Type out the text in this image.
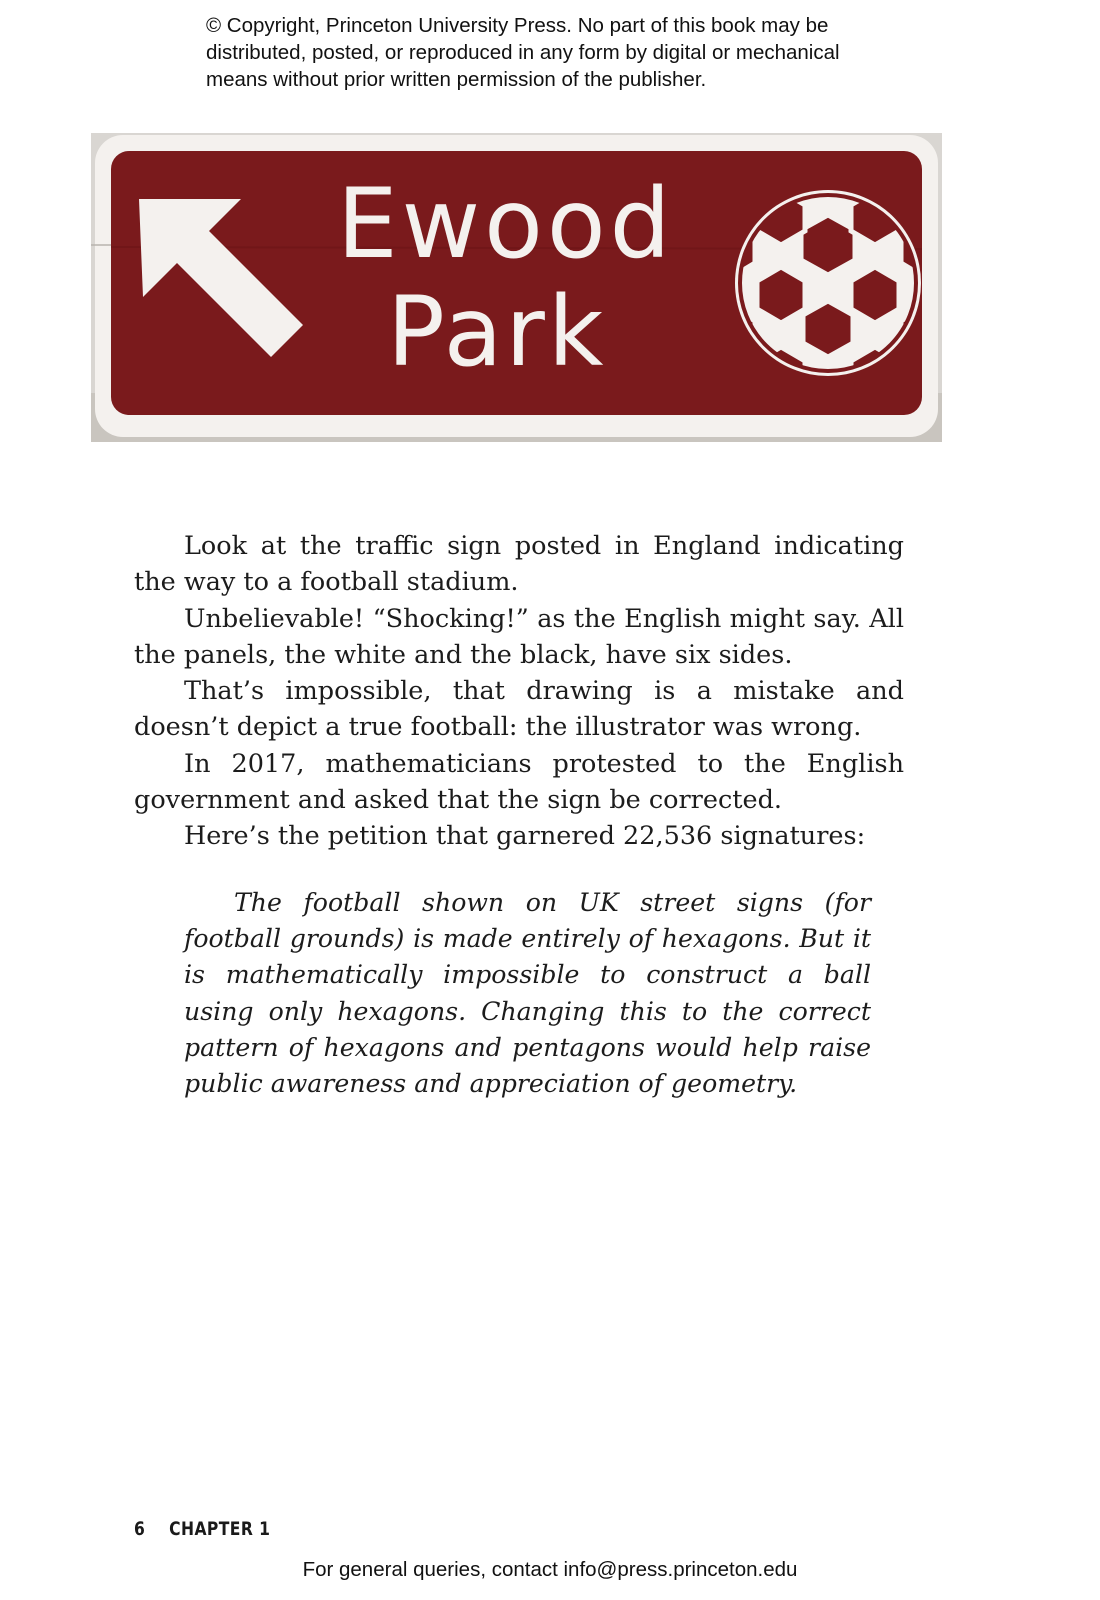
© Copyright, Princeton University Press. No part of this book may be

distributed, posted, or reproduced in any form by digital or mechanical

means without prior written permission of the publisher.

Ewood
Park

Look at the traffic sign posted in England indicating the way to a football stadium.

Unbelievable! “Shocking!” as the English might say. All the panels, the white and the black, have six sides.

That’s impossible, that drawing is a mistake and doesn’t depict a true football: the illustrator was wrong.

In 2017, mathematicians protested to the English government and asked that the sign be corrected.

Here’s the petition that garnered 22,536 signatures:

The football shown on UK street signs (for football grounds) is made entirely of hexagons. But it is mathematically impossible to construct a ball using only hexagons. Changing this to the correct pattern of hexagons and pentagons would help raise public awareness and appreciation of geometry.
6 CHAPTER 1
For general queries, contact info@press.princeton.edu
